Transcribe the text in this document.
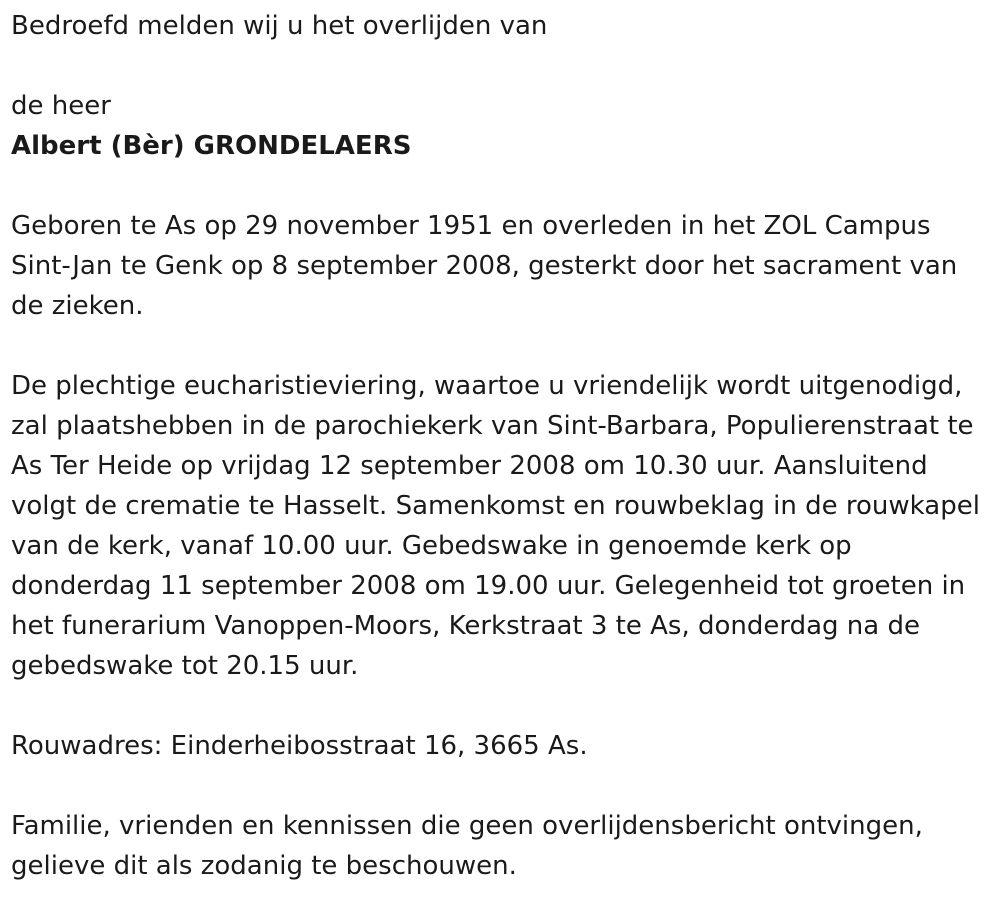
Bedroefd melden wij u het overlijden van

de heer

Albert (Bèr) GRONDELAERS

Geboren te As op 29 november 1951 en overleden in het ZOL Campus Sint-Jan te Genk op 8 september 2008, gesterkt door het sacrament van de zieken.

De plechtige eucharistieviering, waartoe u vriendelijk wordt uitgenodigd, zal plaatshebben in de parochiekerk van Sint-Barbara, Populierenstraat te As Ter Heide op vrijdag 12 september 2008 om 10.30 uur. Aansluitend volgt de crematie te Hasselt. Samenkomst en rouwbeklag in de rouwkapel van de kerk, vanaf 10.00 uur. Gebedswake in genoemde kerk op donderdag 11 september 2008 om 19.00 uur. Gelegenheid tot groeten in het funerarium Vanoppen-Moors, Kerkstraat 3 te As, donderdag na de gebedswake tot 20.15 uur.

Rouwadres: Einderheibosstraat 16, 3665 As.

Familie, vrienden en kennissen die geen overlijdensbericht ontvingen, gelieve dit als zodanig te beschouwen.
